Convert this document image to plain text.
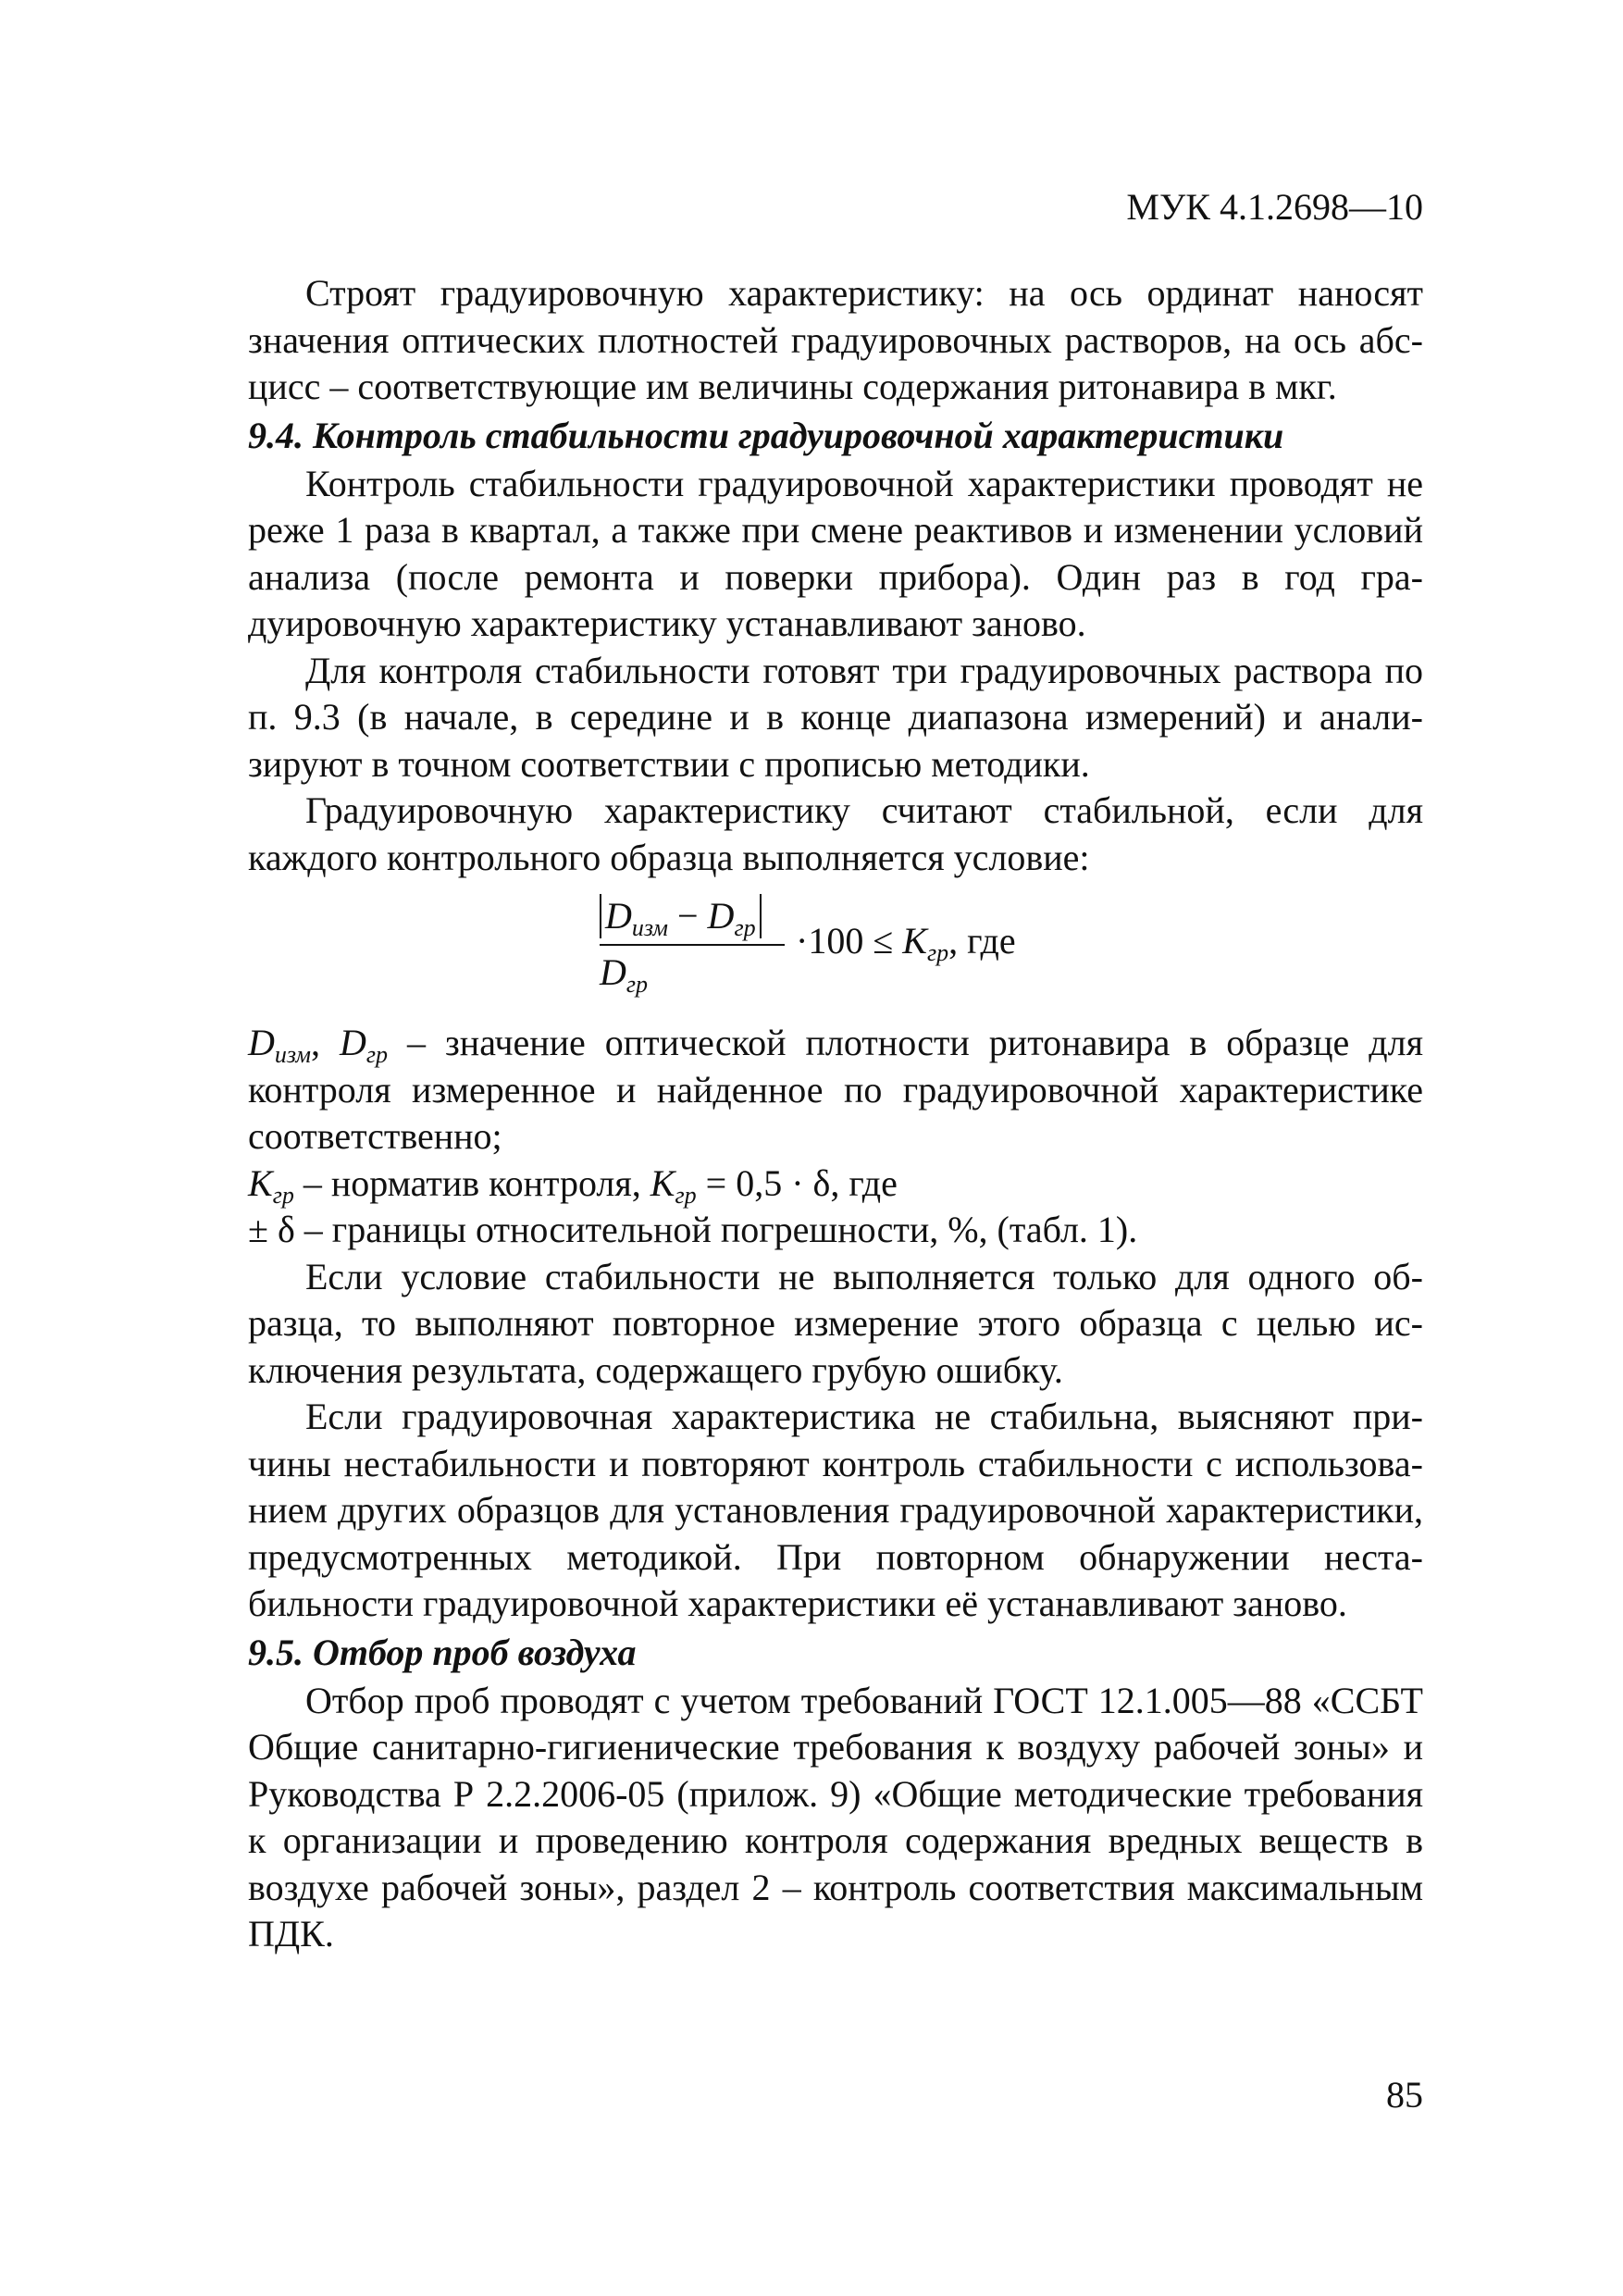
МУК 4.1.2698—10

Строят градуировочную характеристику: на ось ординат наносят значения оптических плотностей градуировочных растворов, на ось абсцисс – соответствующие им величины содержания ритонавира в мкг.

9.4. Контроль стабильности градуировочной характеристики

Контроль стабильности градуировочной характеристики проводят не реже 1 раза в квартал, а также при смене реактивов и изменении условий анализа (после ремонта и поверки прибора). Один раз в год градуировочную характеристику устанавливают заново.

Для контроля стабильности готовят три градуировочных раствора по п. 9.3 (в начале, в середине и в конце диапазона измерений) и анализируют в точном соответствии с прописью методики.

Градуировочную характеристику считают стабильной, если для каждого контрольного образца выполняется условие:

$D_{изм} - D_{гр}$
$D_{гр}$
$\cdot 100 \le K_{гр}$, где

$D_{изм}$, $D_{гр}$ – значение оптической плотности ритонавира в образце для контроля измеренное и найденное по градуировочной характеристике соответственно;

$K_{гр}$ – норматив контроля, $K_{гр} = 0,5 \cdot \delta$, где

± δ – границы относительной погрешности, %, (табл. 1).

Если условие стабильности не выполняется только для одного образца, то выполняют повторное измерение этого образца с целью исключения результата, содержащего грубую ошибку.

Если градуировочная характеристика не стабильна, выясняют причины нестабильности и повторяют контроль стабильности с использованием других образцов для установления градуировочной характеристики, предусмотренных методикой. При повторном обнаружении нестабильности градуировочной характеристики её устанавливают заново.

9.5. Отбор проб воздуха

Отбор проб проводят с учетом требований ГОСТ 12.1.005—88 «ССБТ Общие санитарно-гигиенические требования к воздуху рабочей зоны» и Руководства Р 2.2.2006-05 (прилож. 9) «Общие методические требования к организации и проведению контроля содержания вредных веществ в воздухе рабочей зоны», раздел 2 – контроль соответствия максимальным ПДК.

85
